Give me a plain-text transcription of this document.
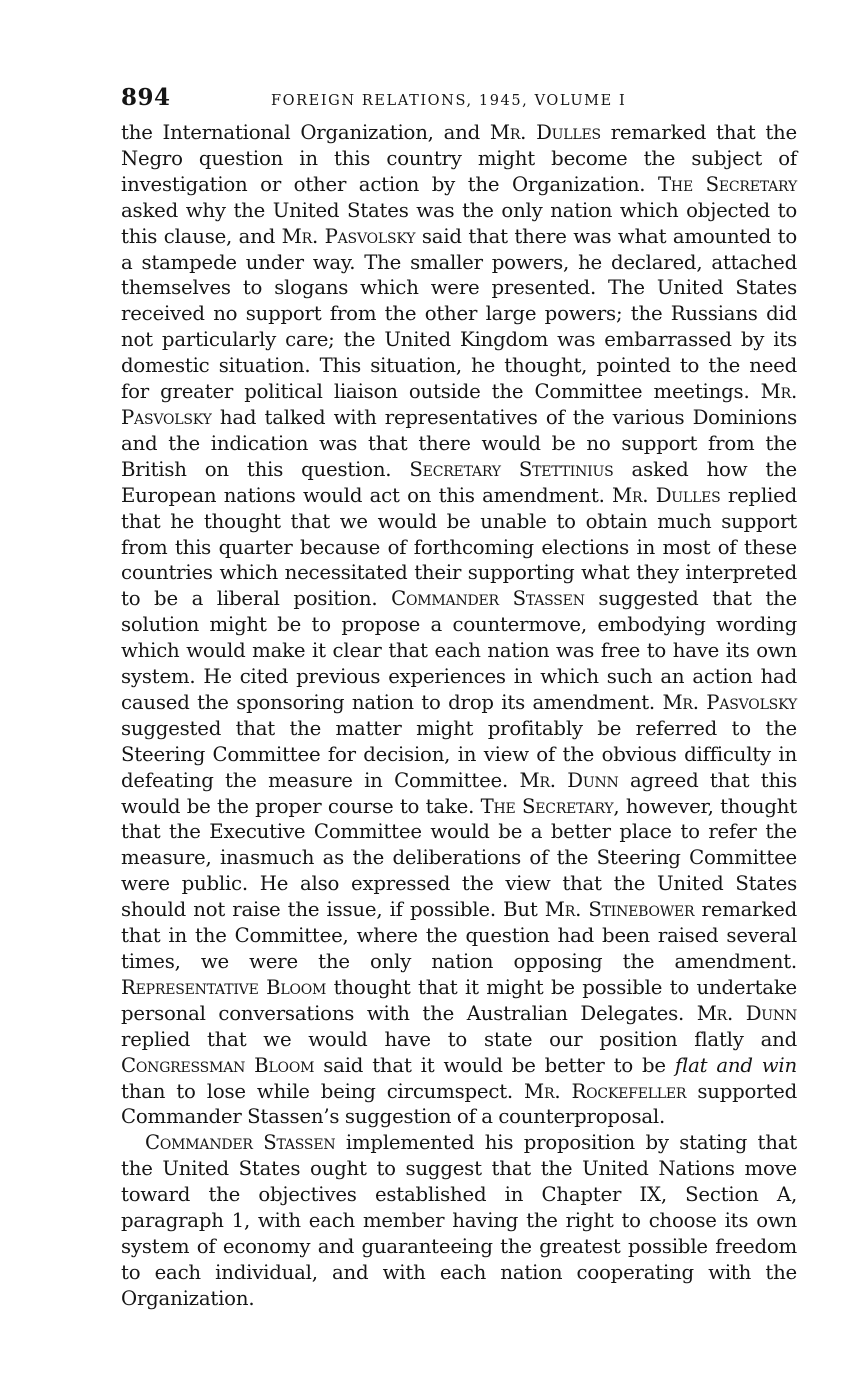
894	FOREIGN RELATIONS, 1945, VOLUME I

the International Organization, and Mr. Dulles remarked that the Negro question in this country might become the subject of investigation or other action by the Organization. The Secretary asked why the United States was the only nation which objected to this clause, and Mr. Pasvolsky said that there was what amounted to a stampede under way. The smaller powers, he declared, attached themselves to slogans which were presented. The United States received no support from the other large powers; the Russians did not particularly care; the United Kingdom was embarrassed by its domestic situation. This situation, he thought, pointed to the need for greater political liaison outside the Committee meetings. Mr. Pasvolsky had talked with representatives of the various Dominions and the indication was that there would be no support from the British on this question. Secretary Stettinius asked how the European nations would act on this amendment. Mr. Dulles replied that he thought that we would be unable to obtain much support from this quarter because of forthcoming elections in most of these countries which necessitated their supporting what they interpreted to be a liberal position. Commander Stassen suggested that the solution might be to propose a countermove, embodying wording which would make it clear that each nation was free to have its own system. He cited previous experiences in which such an action had caused the sponsoring nation to drop its amendment. Mr. Pasvolsky suggested that the matter might profitably be referred to the Steering Committee for decision, in view of the obvious difficulty in defeating the measure in Committee. Mr. Dunn agreed that this would be the proper course to take. The Secretary, however, thought that the Executive Committee would be a better place to refer the measure, inasmuch as the deliberations of the Steering Committee were public. He also expressed the view that the United States should not raise the issue, if possible. But Mr. Stinebower remarked that in the Committee, where the question had been raised several times, we were the only nation opposing the amendment. Representative Bloom thought that it might be possible to undertake personal conversations with the Australian Delegates. Mr. Dunn replied that we would have to state our position flatly and Congressman Bloom said that it would be better to be flat and win than to lose while being circumspect. Mr. Rockefeller supported Commander Stassen’s suggestion of a counterproposal.

Commander Stassen implemented his proposition by stating that the United States ought to suggest that the United Nations move toward the objectives established in Chapter IX, Section A, paragraph 1, with each member having the right to choose its own system of economy and guaranteeing the greatest possible freedom to each individual, and with each nation cooperating with the Organization.
